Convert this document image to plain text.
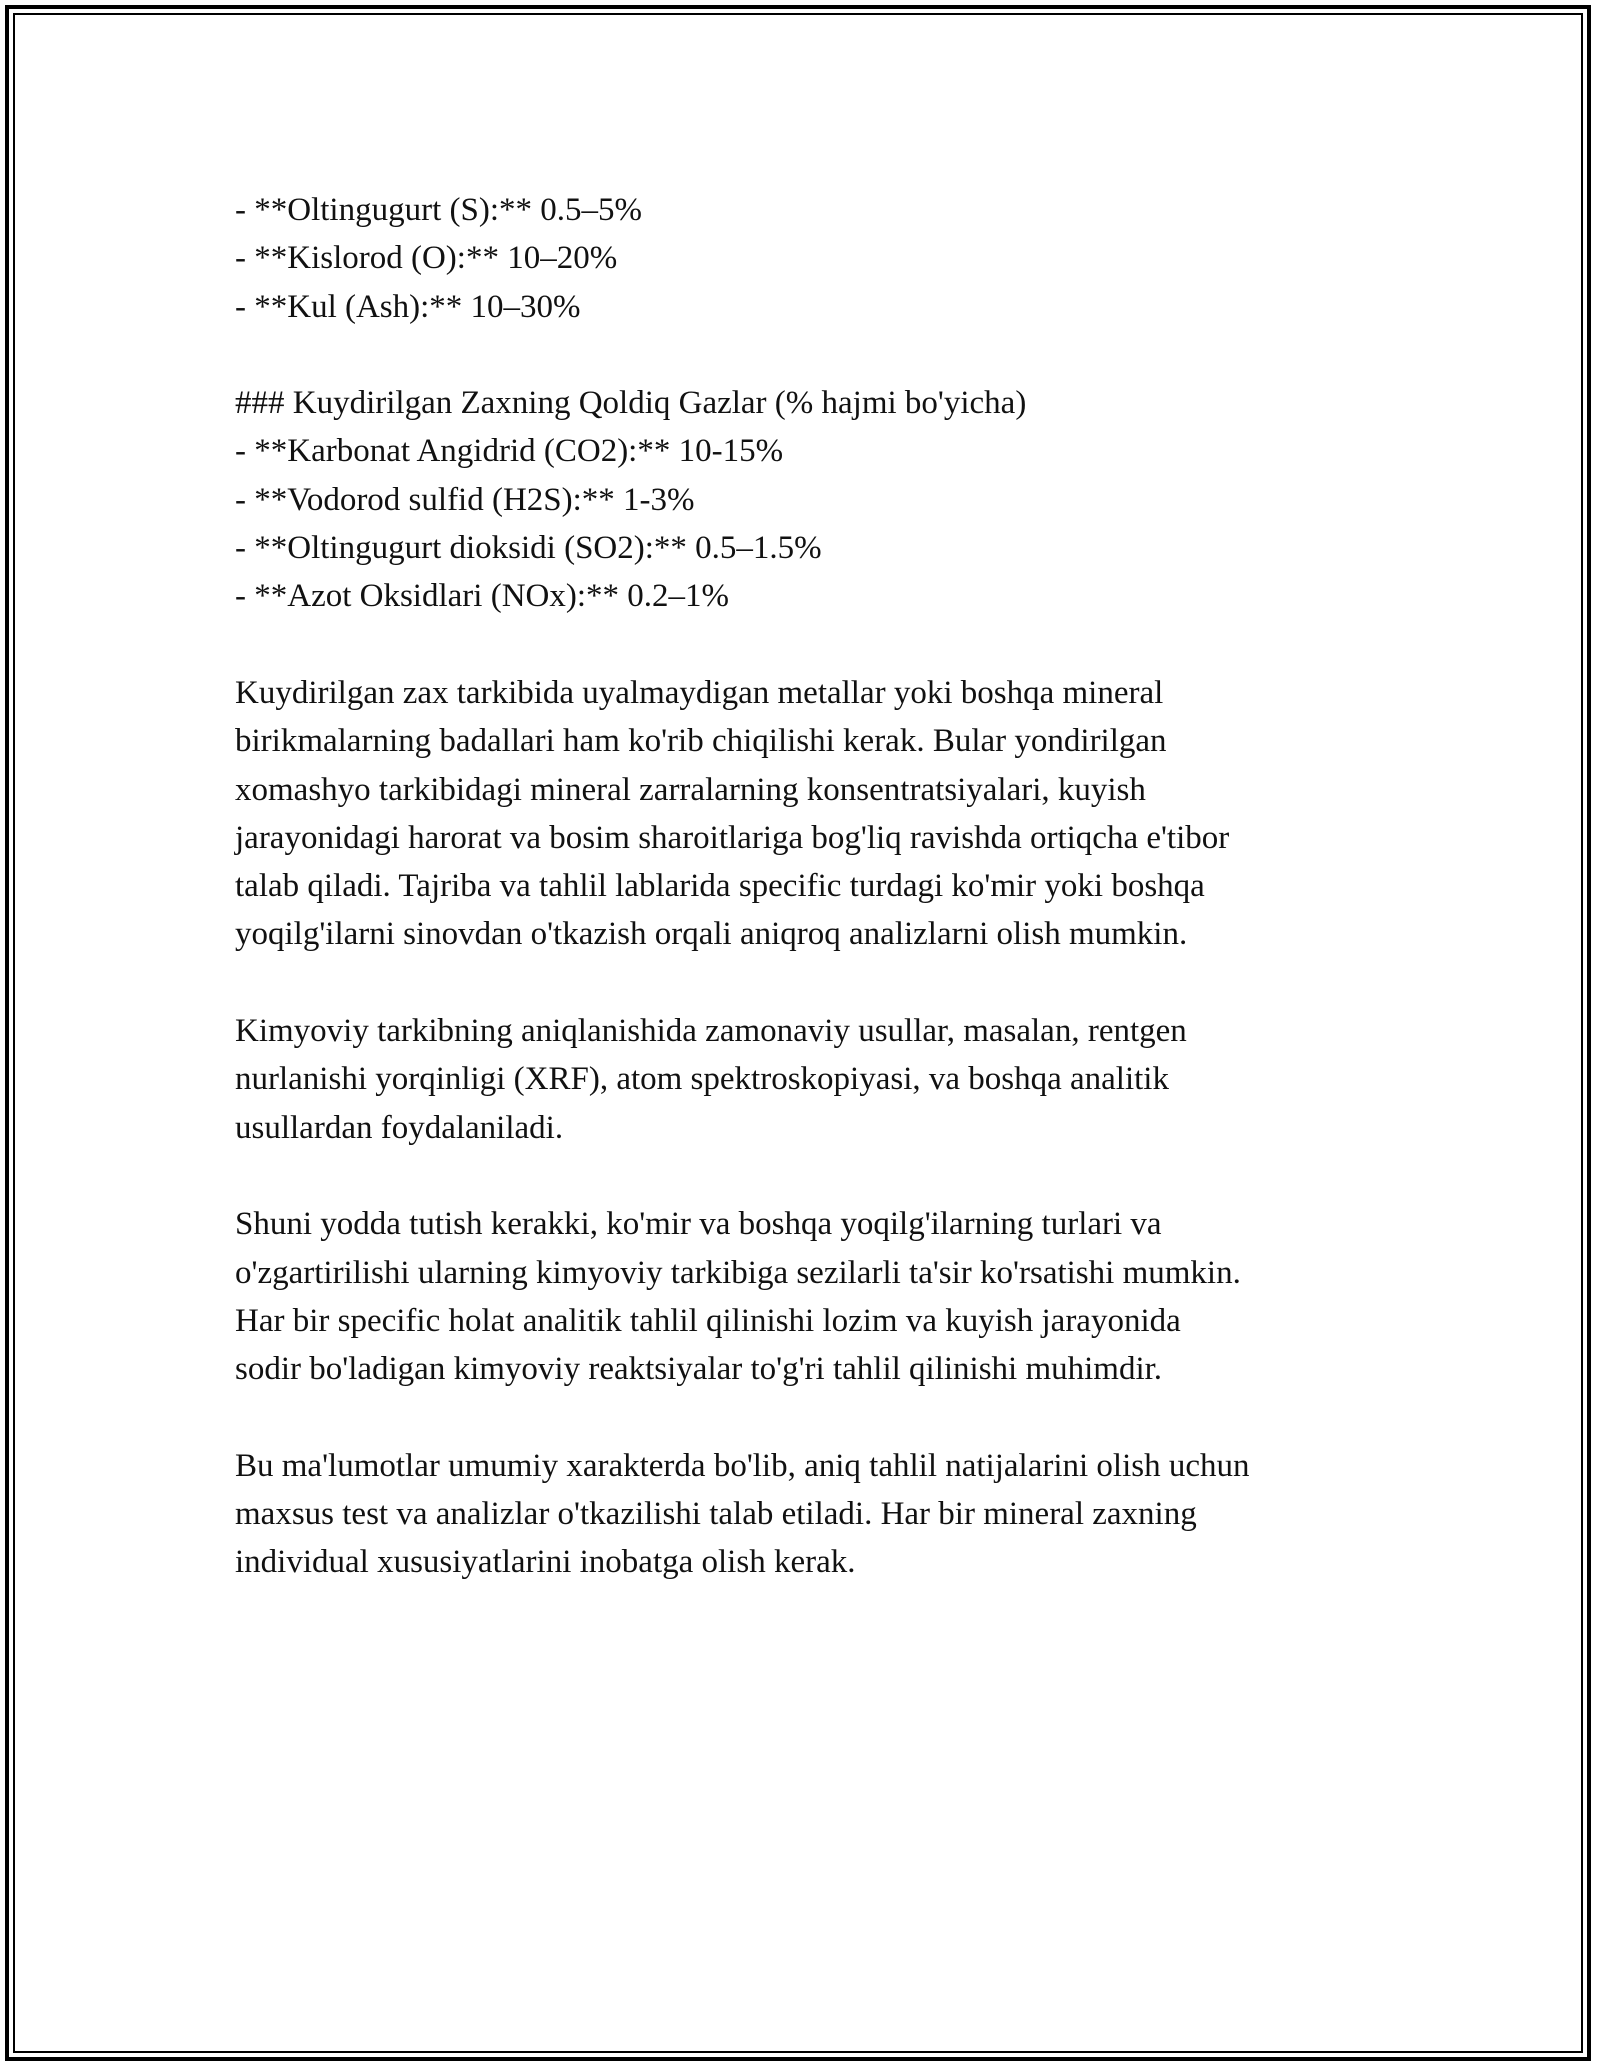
- **Oltingugurt (S):** 0.5–5%
- **Kislorod (O):** 10–20%
- **Kul (Ash):** 10–30%
### Kuydirilgan Zaxning Qoldiq Gazlar (% hajmi bo'yicha)
- **Karbonat Angidrid (CO2):** 10-15%
- **Vodorod sulfid (H2S):** 1-3%
- **Oltingugurt dioksidi (SO2):** 0.5–1.5%
- **Azot Oksidlari (NOx):** 0.2–1%
Kuydirilgan zax tarkibida uyalmaydigan metallar yoki boshqa mineral
birikmalarning badallari ham ko'rib chiqilishi kerak. Bular yondirilgan
xomashyo tarkibidagi mineral zarralarning konsentratsiyalari, kuyish
jarayonidagi harorat va bosim sharoitlariga bog'liq ravishda ortiqcha e'tibor
talab qiladi. Tajriba va tahlil lablarida specific turdagi ko'mir yoki boshqa
yoqilg'ilarni sinovdan o'tkazish orqali aniqroq analizlarni olish mumkin.
Kimyoviy tarkibning aniqlanishida zamonaviy usullar, masalan, rentgen
nurlanishi yorqinligi (XRF), atom spektroskopiyasi, va boshqa analitik
usullardan foydalaniladi.
Shuni yodda tutish kerakki, ko'mir va boshqa yoqilg'ilarning turlari va
o'zgartirilishi ularning kimyoviy tarkibiga sezilarli ta'sir ko'rsatishi mumkin.
Har bir specific holat analitik tahlil qilinishi lozim va kuyish jarayonida
sodir bo'ladigan kimyoviy reaktsiyalar to'g'ri tahlil qilinishi muhimdir.
Bu ma'lumotlar umumiy xarakterda bo'lib, aniq tahlil natijalarini olish uchun
maxsus test va analizlar o'tkazilishi talab etiladi. Har bir mineral zaxning
individual xususiyatlarini inobatga olish kerak.
